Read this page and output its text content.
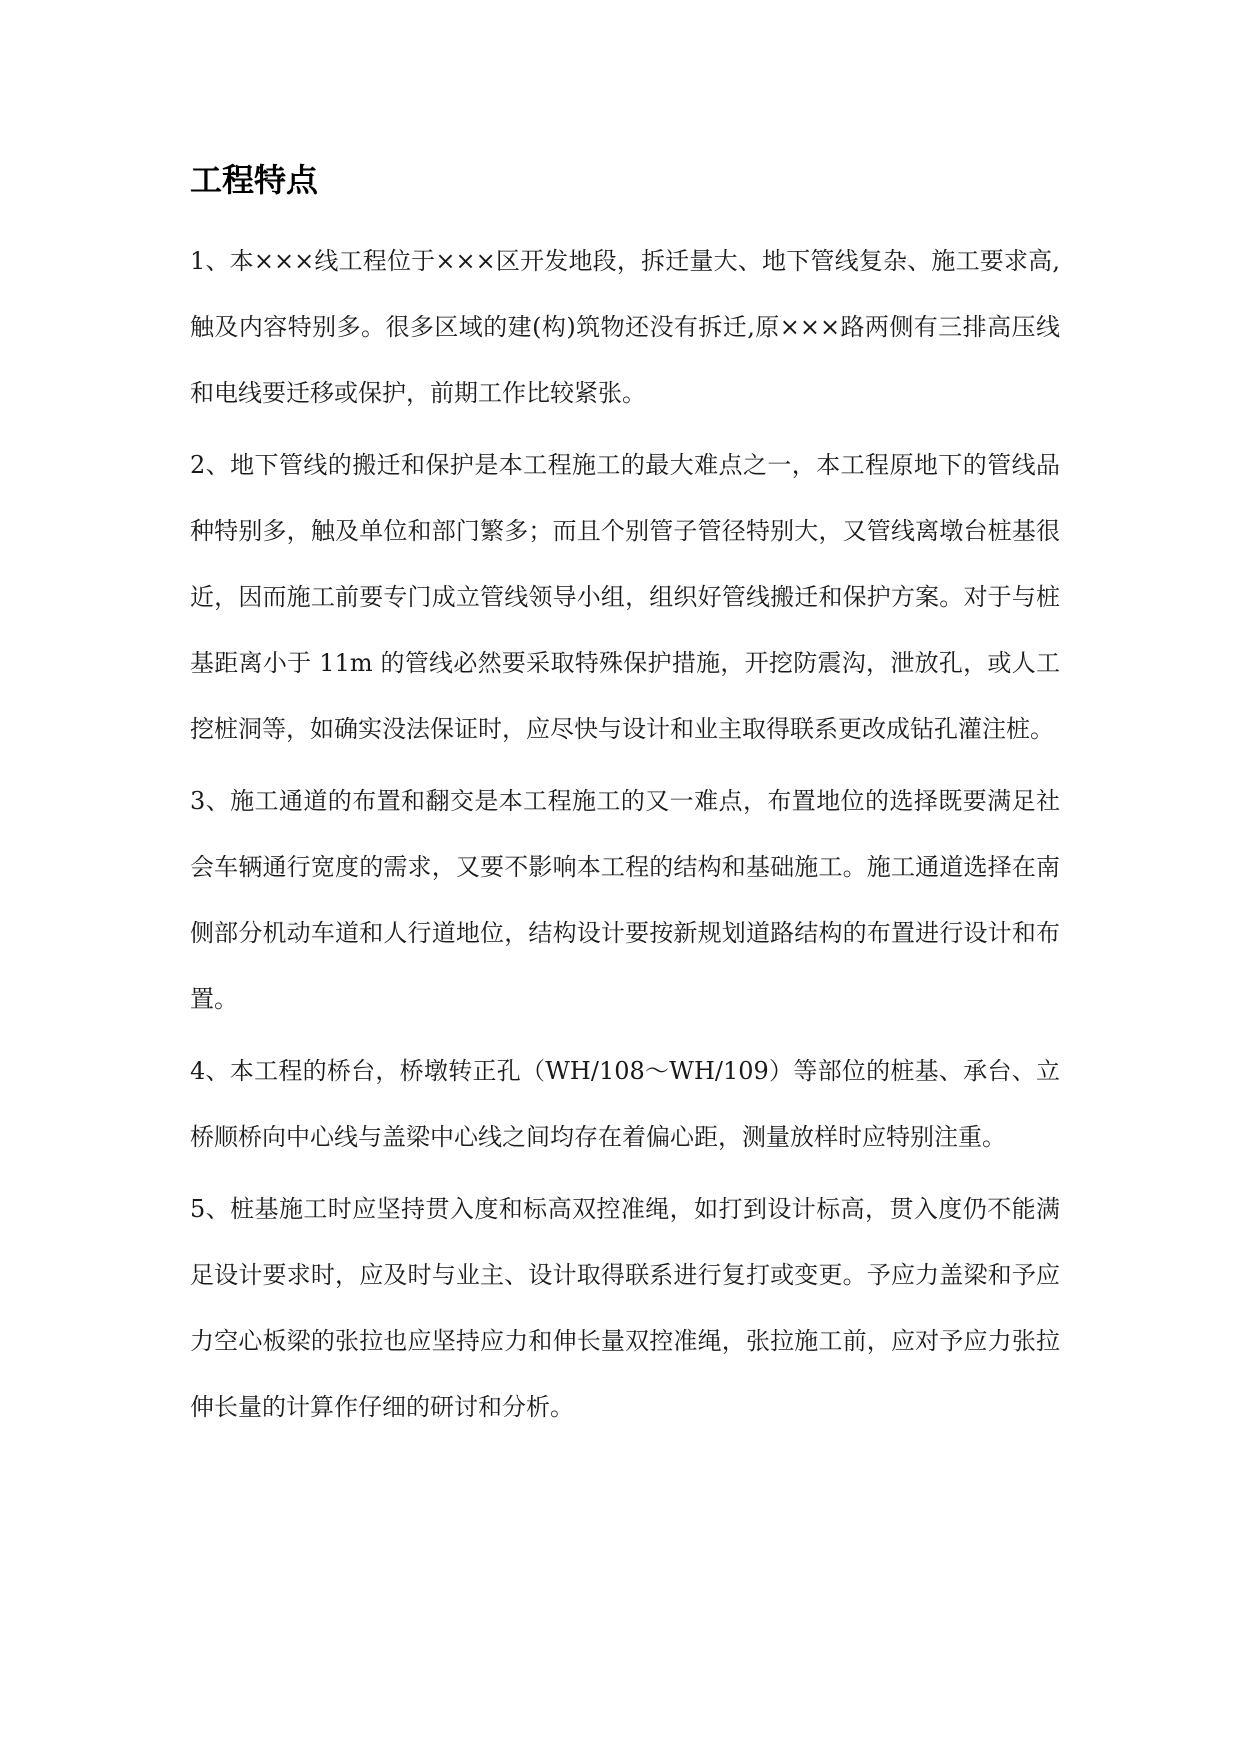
工程特点

1、本×××线工程位于×××区开发地段，拆迁量大、地下管线复杂、施工要求高,触及内容特别多。很多区域的建(构)筑物还没有拆迁,原×××路两侧有三排高压线和电线要迁移或保护，前期工作比较紧张。

2、地下管线的搬迁和保护是本工程施工的最大难点之一，本工程原地下的管线品种特别多，触及单位和部门繁多；而且个别管子管径特别大，又管线离墩台桩基很近，因而施工前要专门成立管线领导小组，组织好管线搬迁和保护方案。对于与桩基距离小于 11m 的管线必然要采取特殊保护措施，开挖防震沟，泄放孔，或人工挖桩洞等，如确实没法保证时，应尽快与设计和业主取得联系更改成钻孔灌注桩。

3、施工通道的布置和翻交是本工程施工的又一难点，布置地位的选择既要满足社会车辆通行宽度的需求，又要不影响本工程的结构和基础施工。施工通道选择在南侧部分机动车道和人行道地位，结构设计要按新规划道路结构的布置进行设计和布置。

4、本工程的桥台，桥墩转正孔（WH/108～WH/109）等部位的桩基、承台、立桥顺桥向中心线与盖梁中心线之间均存在着偏心距，测量放样时应特别注重。

5、桩基施工时应坚持贯入度和标高双控准绳，如打到设计标高，贯入度仍不能满足设计要求时，应及时与业主、设计取得联系进行复打或变更。予应力盖梁和予应力空心板梁的张拉也应坚持应力和伸长量双控准绳，张拉施工前，应对予应力张拉伸长量的计算作仔细的研讨和分析。
